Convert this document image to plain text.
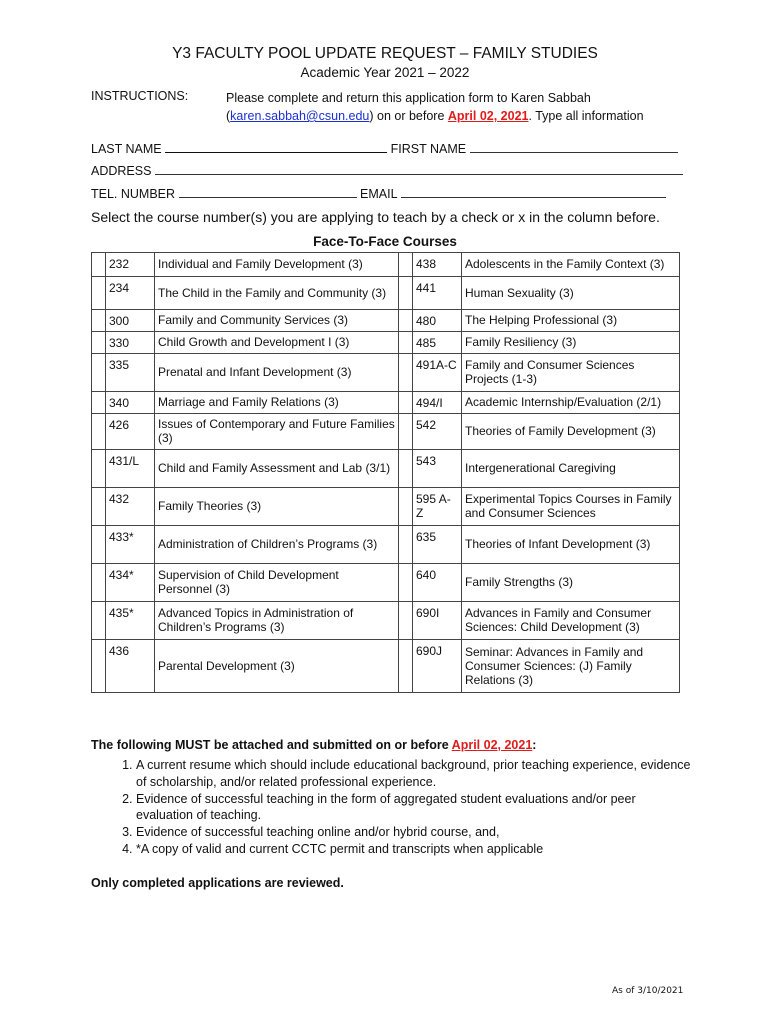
Y3 FACULTY POOL UPDATE REQUEST – FAMILY STUDIES
Academic Year 2021 – 2022
INSTRUCTIONS:	Please complete and return this application form to Karen Sabbah (karen.sabbah@csun.edu) on or before April 02, 2021. Type all information
LAST NAME	FIRST NAME
ADDRESS
TEL. NUMBER	EMAIL
Select the course number(s) you are applying to teach by a check or x in the column before.
Face-To-Face Courses
	232	Individual and Family Development (3)		438	Adolescents in the Family Context (3)
	234	The Child in the Family and Community (3)		441	Human Sexuality (3)
	300	Family and Community Services (3)		480	The Helping Professional (3)
	330	Child Growth and Development I (3)		485	Family Resiliency (3)
	335	Prenatal and Infant Development (3)		491A-C	Family and Consumer Sciences Projects (1-3)
	340	Marriage and Family Relations (3)		494/I	Academic Internship/Evaluation (2/1)
	426	Issues of Contemporary and Future Families (3)		542	Theories of Family Development (3)
	431/L	Child and Family Assessment and Lab (3/1)		543	Intergenerational Caregiving
	432	Family Theories (3)		595 A-Z	Experimental Topics Courses in Family and Consumer Sciences
	433*	Administration of Children’s Programs (3)		635	Theories of Infant Development (3)
	434*	Supervision of Child Development Personnel (3)		640	Family Strengths (3)
	435*	Advanced Topics in Administration of Children’s Programs (3)		690I	Advances in Family and Consumer Sciences: Child Development (3)
	436	Parental Development (3)		690J	Seminar: Advances in Family and Consumer Sciences: (J) Family Relations (3)
The following MUST be attached and submitted on or before April 02, 2021:
1. A current resume which should include educational background, prior teaching experience, evidence of scholarship, and/or related professional experience.
2. Evidence of successful teaching in the form of aggregated student evaluations and/or peer evaluation of teaching.
3. Evidence of successful teaching online and/or hybrid course, and,
4. *A copy of valid and current CCTC permit and transcripts when applicable
Only completed applications are reviewed.
As of 3/10/2021
